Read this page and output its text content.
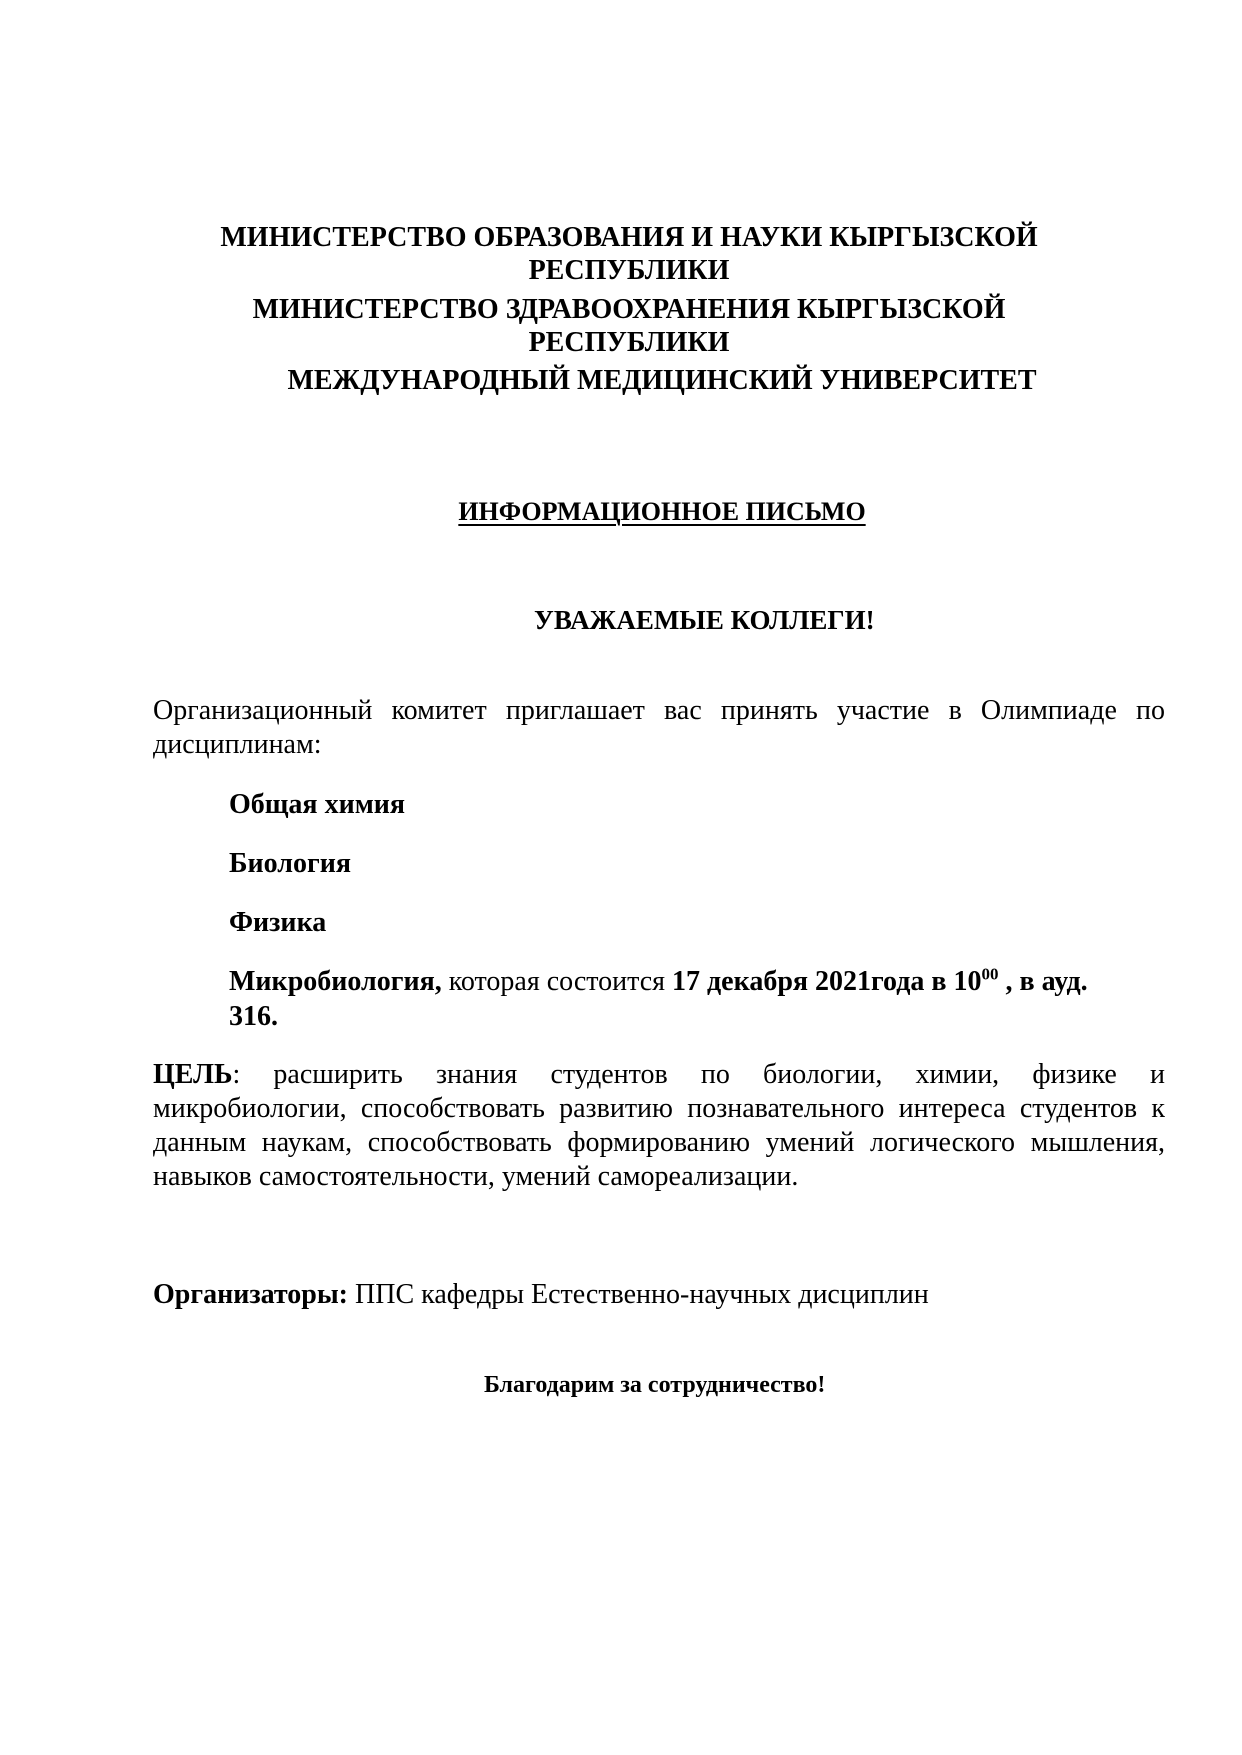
МИНИСТЕРСТВО ОБРАЗОВАНИЯ И НАУКИ КЫРГЫЗСКОЙ
РЕСПУБЛИКИ
МИНИСТЕРСТВО ЗДРАВООХРАНЕНИЯ КЫРГЫЗСКОЙ
РЕСПУБЛИКИ
МЕЖДУНАРОДНЫЙ МЕДИЦИНСКИЙ УНИВЕРСИТЕТ
ИНФОРМАЦИОННОЕ ПИСЬМО
УВАЖАЕМЫЕ КОЛЛЕГИ!
Организационный комитет приглашает вас принять участие в Олимпиаде по
дисциплинам:
Общая химия
Биология
Физика
Микробиология, которая состоится 17 декабря 2021года в $10^{00}$ , в ауд.
316.
ЦЕЛЬ: расширить знания студентов по биологии, химии, физике и
микробиологии, способствовать развитию познавательного интереса студентов к
данным наукам, способствовать формированию умений логического мышления,
навыков самостоятельности, умений самореализации.
Организаторы: ППС кафедры Естественно-научных дисциплин
Благодарим за сотрудничество!
